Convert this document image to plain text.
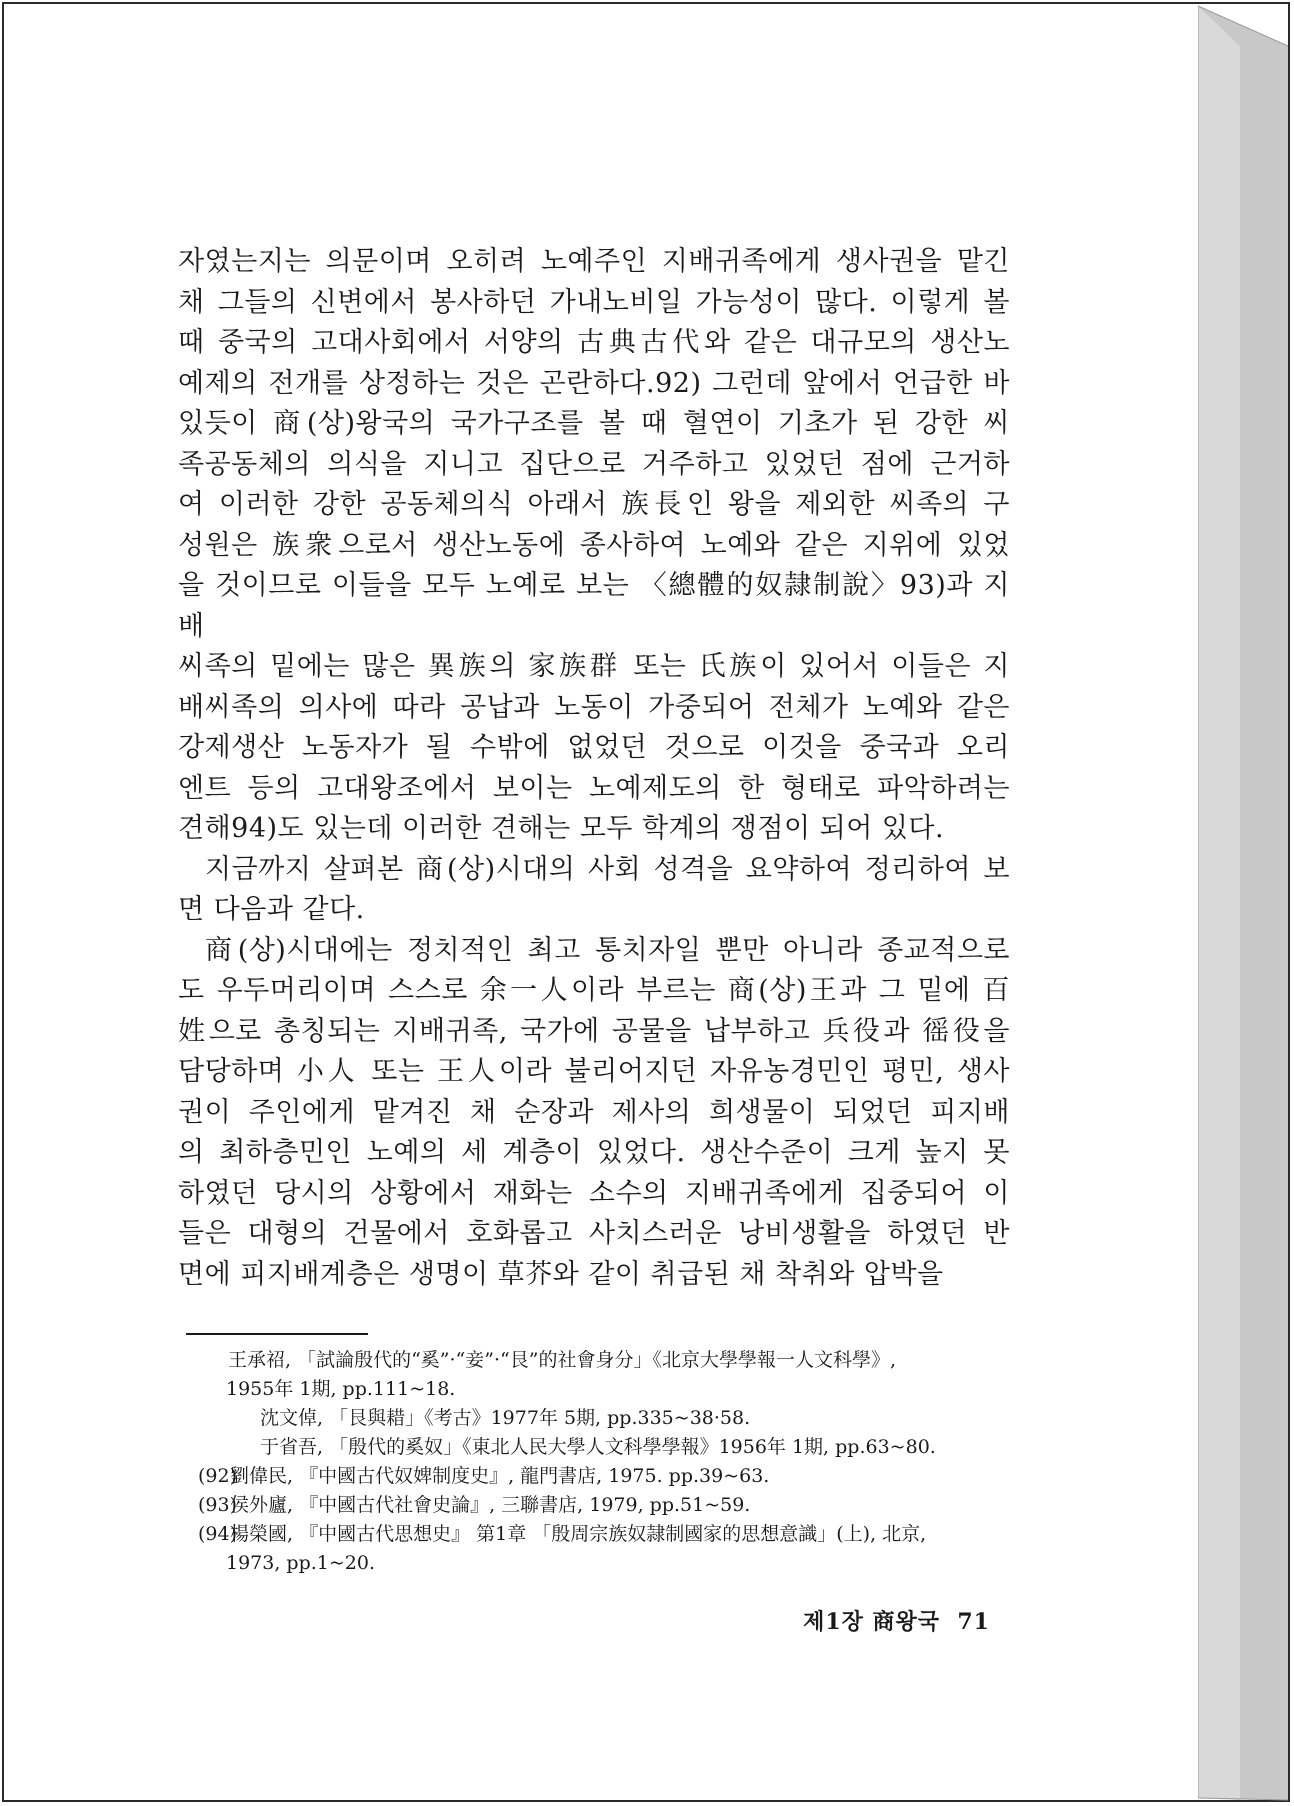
자였는지는 의문이며 오히려 노예주인 지배귀족에게 생사권을 맡긴

채 그들의 신변에서 봉사하던 가내노비일 가능성이 많다. 이렇게 볼

때 중국의 고대사회에서 서양의 古典古代와 같은 대규모의 생산노

예제의 전개를 상정하는 것은 곤란하다.92) 그런데 앞에서 언급한 바

있듯이 商(상)왕국의 국가구조를 볼 때 혈연이 기초가 된 강한 씨

족공동체의 의식을 지니고 집단으로 거주하고 있었던 점에 근거하

여 이러한 강한 공동체의식 아래서 族長인 왕을 제외한 씨족의 구

성원은 族衆으로서 생산노동에 종사하여 노예와 같은 지위에 있었

을 것이므로 이들을 모두 노예로 보는 〈總體的奴隷制說〉93)과 지배

씨족의 밑에는 많은 異族의 家族群 또는 氏族이 있어서 이들은 지

배씨족의 의사에 따라 공납과 노동이 가중되어 전체가 노예와 같은

강제생산 노동자가 될 수밖에 없었던 것으로 이것을 중국과 오리

엔트 등의 고대왕조에서 보이는 노예제도의 한 형태로 파악하려는

견해94)도 있는데 이러한 견해는 모두 학계의 쟁점이 되어 있다.

지금까지 살펴본 商(상)시대의 사회 성격을 요약하여 정리하여 보

면 다음과 같다.

商(상)시대에는 정치적인 최고 통치자일 뿐만 아니라 종교적으로

도 우두머리이며 스스로 余一人이라 부르는 商(상)王과 그 밑에 百

姓으로 총칭되는 지배귀족, 국가에 공물을 납부하고 兵役과 徭役을

담당하며 小人 또는 王人이라 불리어지던 자유농경민인 평민, 생사

권이 주인에게 맡겨진 채 순장과 제사의 희생물이 되었던 피지배

의 최하층민인 노예의 세 계층이 있었다. 생산수준이 크게 높지 못

하였던 당시의 상황에서 재화는 소수의 지배귀족에게 집중되어 이

들은 대형의 건물에서 호화롭고 사치스러운 낭비생활을 하였던 반

면에 피지배계층은 생명이 草芥와 같이 취급된 채 착취와 압박을

王承祒, 「試論殷代的“奚”·“妾”·“艮”的社會身分」《北京大學學報一人文科學》,

1955年 1期, pp.111~18.

沈文倬, 「艮與耤」《考古》1977年 5期, pp.335~38·58.

于省吾, 「殷代的奚奴」《東北人民大學人文科學學報》1956年 1期, pp.63~80.

(92)劉偉民, 『中國古代奴婢制度史』, 龍門書店, 1975. pp.39~63.

(93)侯外廬, 『中國古代社會史論』, 三聯書店, 1979, pp.51~59.

(94)楊榮國, 『中國古代思想史』 第1章 「殷周宗族奴隷制國家的思想意識」(上), 北京,

1973, pp.1~20.

제1장 商왕국 71
